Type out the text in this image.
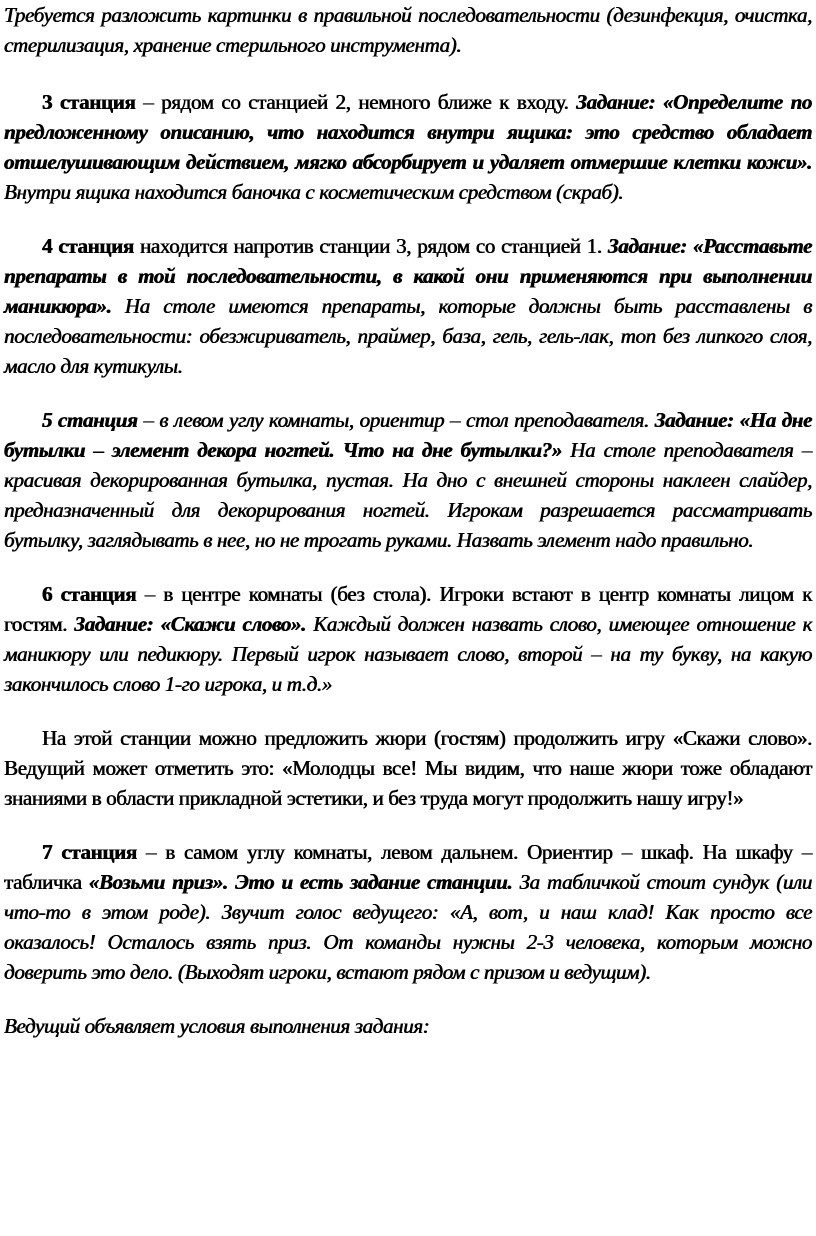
Требуется разложить картинки в правильной последовательности (дезинфекция, очистка, стерилизация, хранение стерильного инструмента).

3 станция – рядом со станцией 2, немного ближе к входу. Задание: «Определите по предложенному описанию, что находится внутри ящика: это средство обладает отшелушивающим действием, мягко абсорбирует и удаляет отмершие клетки кожи». Внутри ящика находится баночка с косметическим средством (скраб).

4 станция находится напротив станции 3, рядом со станцией 1. Задание: «Расставьте препараты в той последовательности, в какой они применяются при выполнении маникюра». На столе имеются препараты, которые должны быть расставлены в последовательности: обезжириватель, праймер, база, гель, гель-лак, топ без липкого слоя, масло для кутикулы.

5 станция – в левом углу комнаты, ориентир – стол преподавателя. Задание: «На дне бутылки – элемент декора ногтей. Что на дне бутылки?» На столе преподавателя – красивая декорированная бутылка, пустая. На дно с внешней стороны наклеен слайдер, предназначенный для декорирования ногтей. Игрокам разрешается рассматривать бутылку, заглядывать в нее, но не трогать руками. Назвать элемент надо правильно.

6 станция – в центре комнаты (без стола). Игроки встают в центр комнаты лицом к гостям. Задание: «Скажи слово». Каждый должен назвать слово, имеющее отношение к маникюру или педикюру. Первый игрок называет слово, второй – на ту букву, на какую закончилось слово 1-го игрока, и т.д.»

На этой станции можно предложить жюри (гостям) продолжить игру «Скажи слово». Ведущий может отметить это: «Молодцы все! Мы видим, что наше жюри тоже обладают знаниями в области прикладной эстетики, и без труда могут продолжить нашу игру!»

7 станция – в самом углу комнаты, левом дальнем. Ориентир – шкаф. На шкафу – табличка «Возьми приз». Это и есть задание станции. За табличкой стоит сундук (или что-то в этом роде). Звучит голос ведущего: «А, вот, и наш клад! Как просто все оказалось! Осталось взять приз. От команды нужны 2-3 человека, которым можно доверить это дело. (Выходят игроки, встают рядом с призом и ведущим).

Ведущий объявляет условия выполнения задания:
